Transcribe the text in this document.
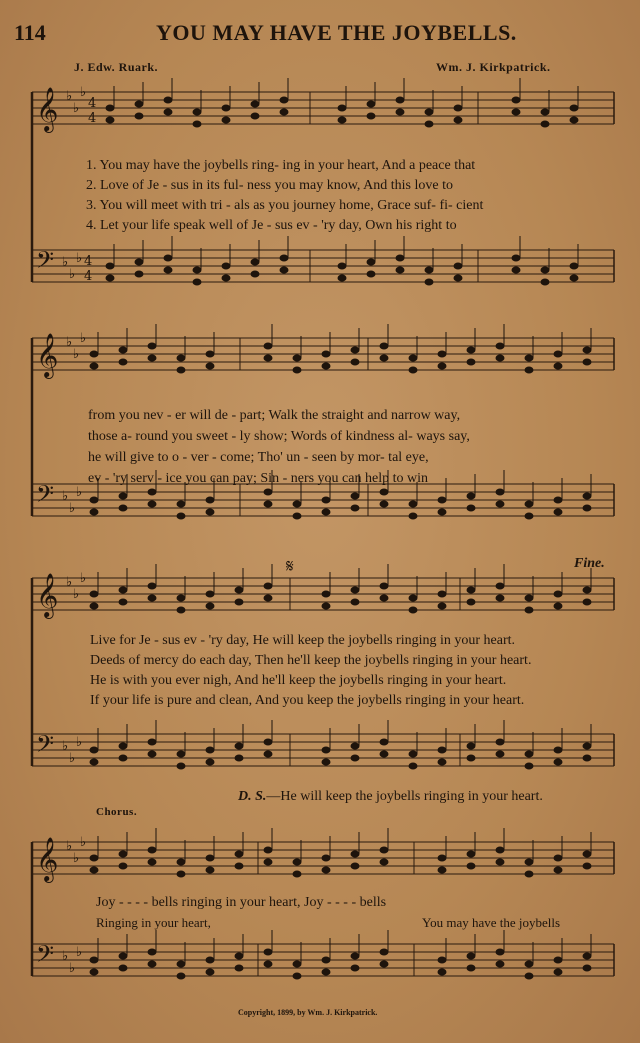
114	YOU MAY HAVE THE JOYBELLS.
J. Edw. Ruark.	Wm. J. Kirkpatrick.
𝄞 ♭
♭
♭
4
4
𝄢 ♭
♭
♭ 4
4
𝄞 ♭
♭
♭
𝄢 ♭
♭
♭
𝄞 ♭
♭
♭
𝄢 ♭
♭
♭
𝄞 ♭
♭
♭
𝄢 ♭
♭
♭
1. You may have the joybells ring- ing in your heart, And a peace that
2. Love of Je - sus in its ful- ness you may know, And this love to
3. You will meet with tri - als as you journey home, Grace suf- fi- cient
4. Let your life speak well of Je - sus ev - 'ry day, Own his right to
from you nev - er will de - part; Walk the straight and narrow way,
those a- round you sweet - ly show; Words of kindness al- ways say,
he will give to o - ver - come; Tho' un - seen by mor- tal eye,
ev - 'ry serv - ice you can pay; Sin - ners you can help to win
𝄋	Fine.
Live for Je - sus ev - 'ry day, He will keep the joybells ringing in your heart.
Deeds of mercy do each day, Then he'll keep the joybells ringing in your heart.
He is with you ever nigh, And he'll keep the joybells ringing in your heart.
If your life is pure and clean, And you keep the joybells ringing in your heart.
D. S.—He will keep the joybells ringing in your heart.
Chorus.
Joy - - - - bells ringing in your heart, Joy - - - - bells
Ringing in your heart,	You may have the joybells
Copyright, 1899, by Wm. J. Kirkpatrick.
